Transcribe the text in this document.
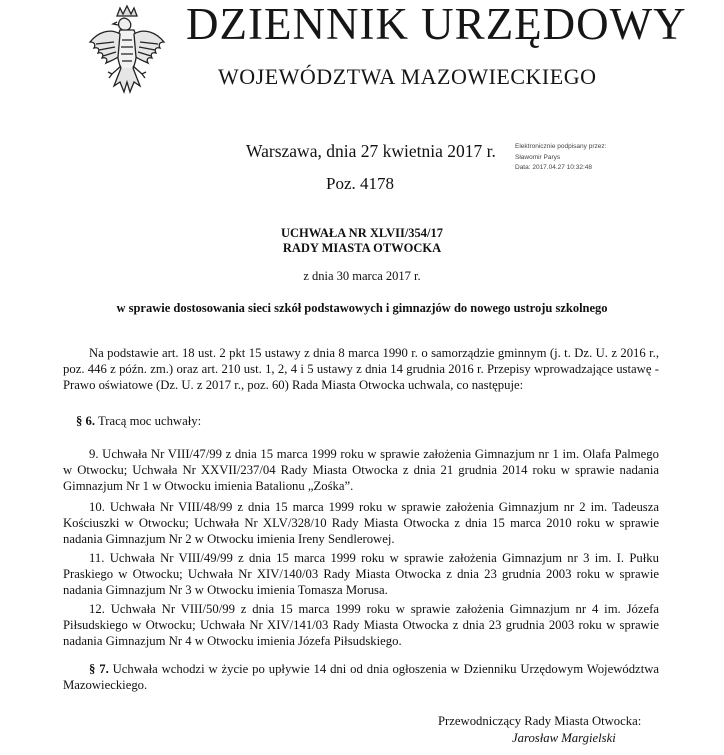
DZIENNIK URZĘDOWY
WOJEWÓDZTWA MAZOWIECKIEGO
Warszawa, dnia 27 kwietnia 2017 r.
Poz. 4178
Elektronicznie podpisany przez:
Sławomir Parys
Data: 2017.04.27 10:32:48
UCHWAŁA NR XLVII/354/17
RADY MIASTA OTWOCKA
z dnia 30 marca 2017 r.
w sprawie dostosowania sieci szkół podstawowych i gimnazjów do nowego ustroju szkolnego

Na podstawie art. 18 ust. 2 pkt 15 ustawy z dnia 8 marca 1990 r. o samorządzie gminnym (j. t. Dz. U. z 2016 r., poz. 446 z późn. zm.) oraz art. 210 ust. 1, 2, 4 i 5 ustawy z dnia 14 grudnia 2016 r. Przepisy wprowadzające ustawę - Prawo oświatowe (Dz. U. z 2017 r., poz. 60) Rada Miasta Otwocka uchwala, co następuje:

§ 6. Tracą moc uchwały:

9. Uchwała Nr VIII/47/99 z dnia 15 marca 1999 roku w sprawie założenia Gimnazjum nr 1 im. Olafa Palmego w Otwocku; Uchwała Nr XXVII/237/04 Rady Miasta Otwocka z dnia 21 grudnia 2014 roku w sprawie nadania Gimnazjum Nr 1 w Otwocku imienia Batalionu „Zośka”.

10. Uchwała Nr VIII/48/99 z dnia 15 marca 1999 roku w sprawie założenia Gimnazjum nr 2 im. Tadeusza Kościuszki w Otwocku; Uchwała Nr XLV/328/10 Rady Miasta Otwocka z dnia 15 marca 2010 roku w sprawie nadania Gimnazjum Nr 2 w Otwocku imienia Ireny Sendlerowej.

11. Uchwała Nr VIII/49/99 z dnia 15 marca 1999 roku w sprawie założenia Gimnazjum nr 3 im. I. Pułku Praskiego w Otwocku; Uchwała Nr XIV/140/03 Rady Miasta Otwocka z dnia 23 grudnia 2003 roku w sprawie nadania Gimnazjum Nr 3 w Otwocku imienia Tomasza Morusa.

12. Uchwała Nr VIII/50/99 z dnia 15 marca 1999 roku w sprawie założenia Gimnazjum nr 4 im. Józefa Piłsudskiego w Otwocku; Uchwała Nr XIV/141/03 Rady Miasta Otwocka z dnia 23 grudnia 2003 roku w sprawie nadania Gimnazjum Nr 4 w Otwocku imienia Józefa Piłsudskiego.

§ 7. Uchwała wchodzi w życie po upływie 14 dni od dnia ogłoszenia w Dzienniku Urzędowym Województwa Mazowieckiego.

Przewodniczący Rady Miasta Otwocka:
Jarosław Margielski
